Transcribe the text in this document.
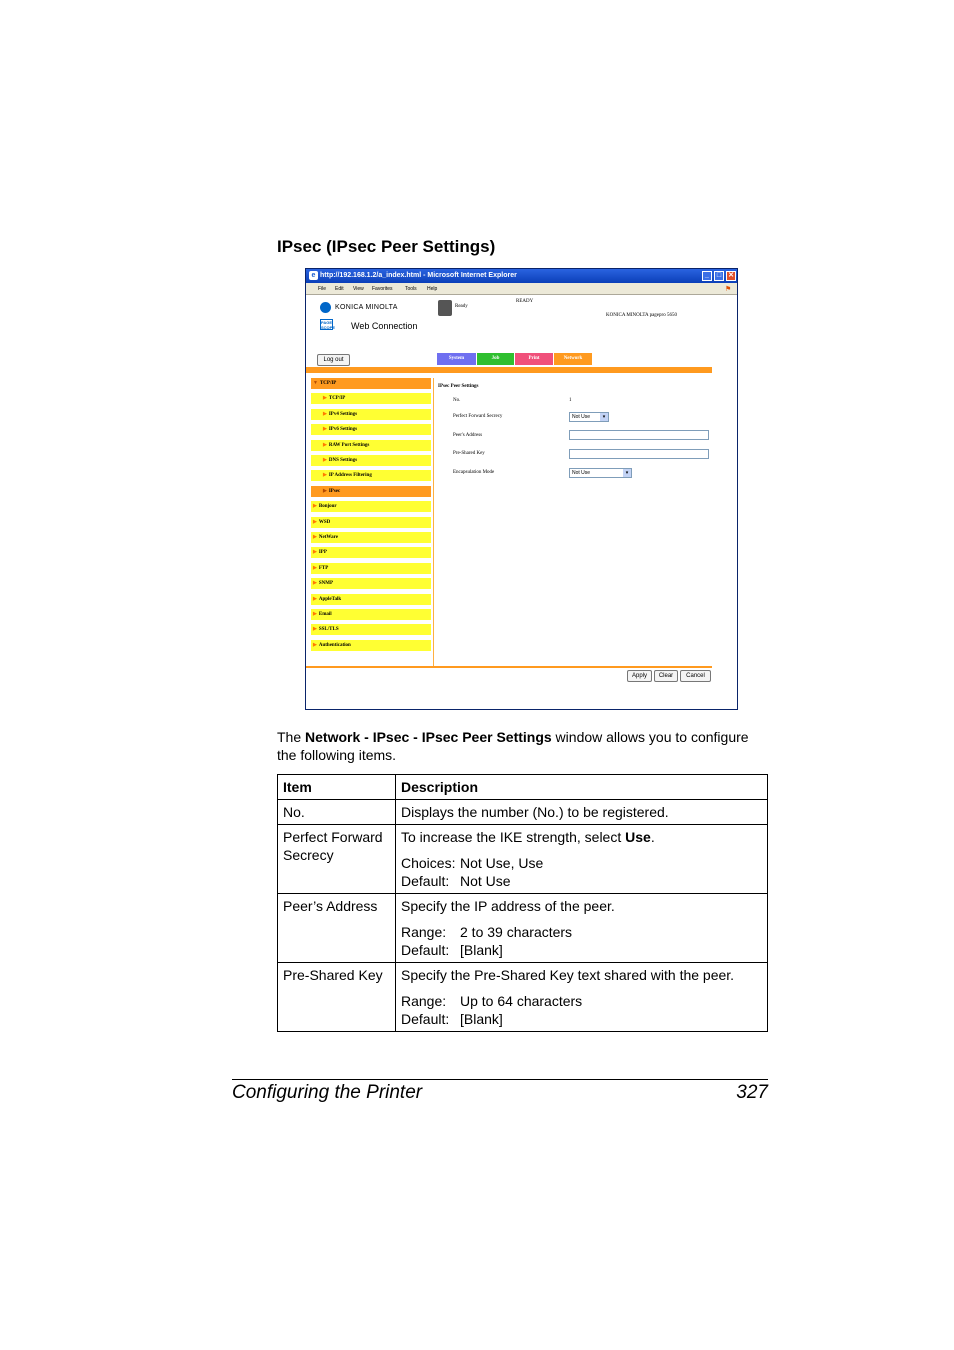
IPsec (IPsec Peer Settings)
e http://192.168.1.2/a_index.html - Microsoft Internet Explorer	_	□ ✕
File Edit View Favorites Tools Help	⚑
KONICA MINOLTA
PAGE SCOPE Web Connection
Ready
READY
KONICA MINOLTA pagepro 5650
Log out	System	Job	Print	Network
▼ TCP/IP
▶ TCP/IP
▶ IPv4 Settings
▶ IPv6 Settings
▶ RAW Port Settings
▶ DNS Settings
▶ IP Address Filtering
▶ IPsec
▶ Bonjour
▶ WSD
▶ NetWare
▶ IPP
▶ FTP
▶ SNMP
▶ AppleTalk
▶ Email
▶ SSL/TLS
▶ Authentication
IPsec Peer Settings
No.	1
Perfect Forward Secrecy	Not Use	▾
Peer's Address
Pre-Shared Key
Encapsulation Mode	Not Use	▾
Apply	Clear	Cancel
The Network - IPsec - IPsec Peer Settings window allows you to configure the following items.
Item	Description
No.	Displays the number (No.) to be registered.
Perfect Forward Secrecy	To increase the IKE strength, select Use.

Choices: Not Use, Use

Default: Not Use

Peer’s Address	Specify the IP address of the peer.

Range: 2 to 39 characters

Default: [Blank]

Pre-Shared Key	Specify the Pre-Shared Key text shared with the peer.

Range: Up to 64 characters

Default: [Blank]

Configuring the Printer	327
